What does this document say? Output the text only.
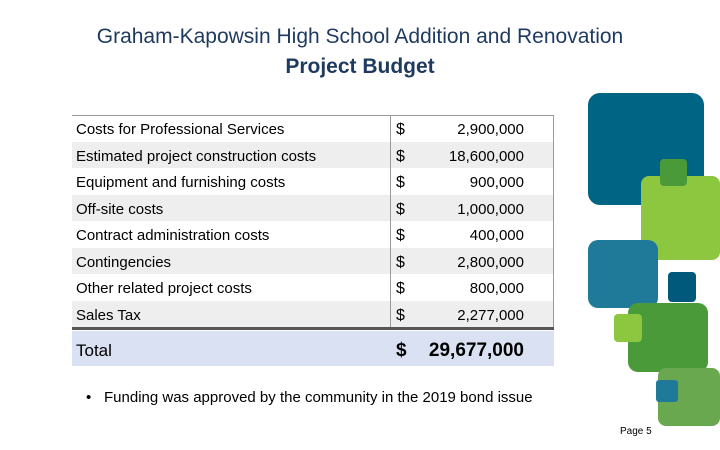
Graham-Kapowsin High School Addition and Renovation
Project Budget
Costs for Professional Services	$	2,900,000
Estimated project construction costs	$	18,600,000
Equipment and furnishing costs	$	900,000
Off-site costs	$	1,000,000
Contract administration costs	$	400,000
Contingencies	$	2,800,000
Other related project costs	$	800,000
Sales Tax	$	2,277,000
Total	$ 29,677,000
• Funding was approved by the community in the 2019 bond issue
Page 5
